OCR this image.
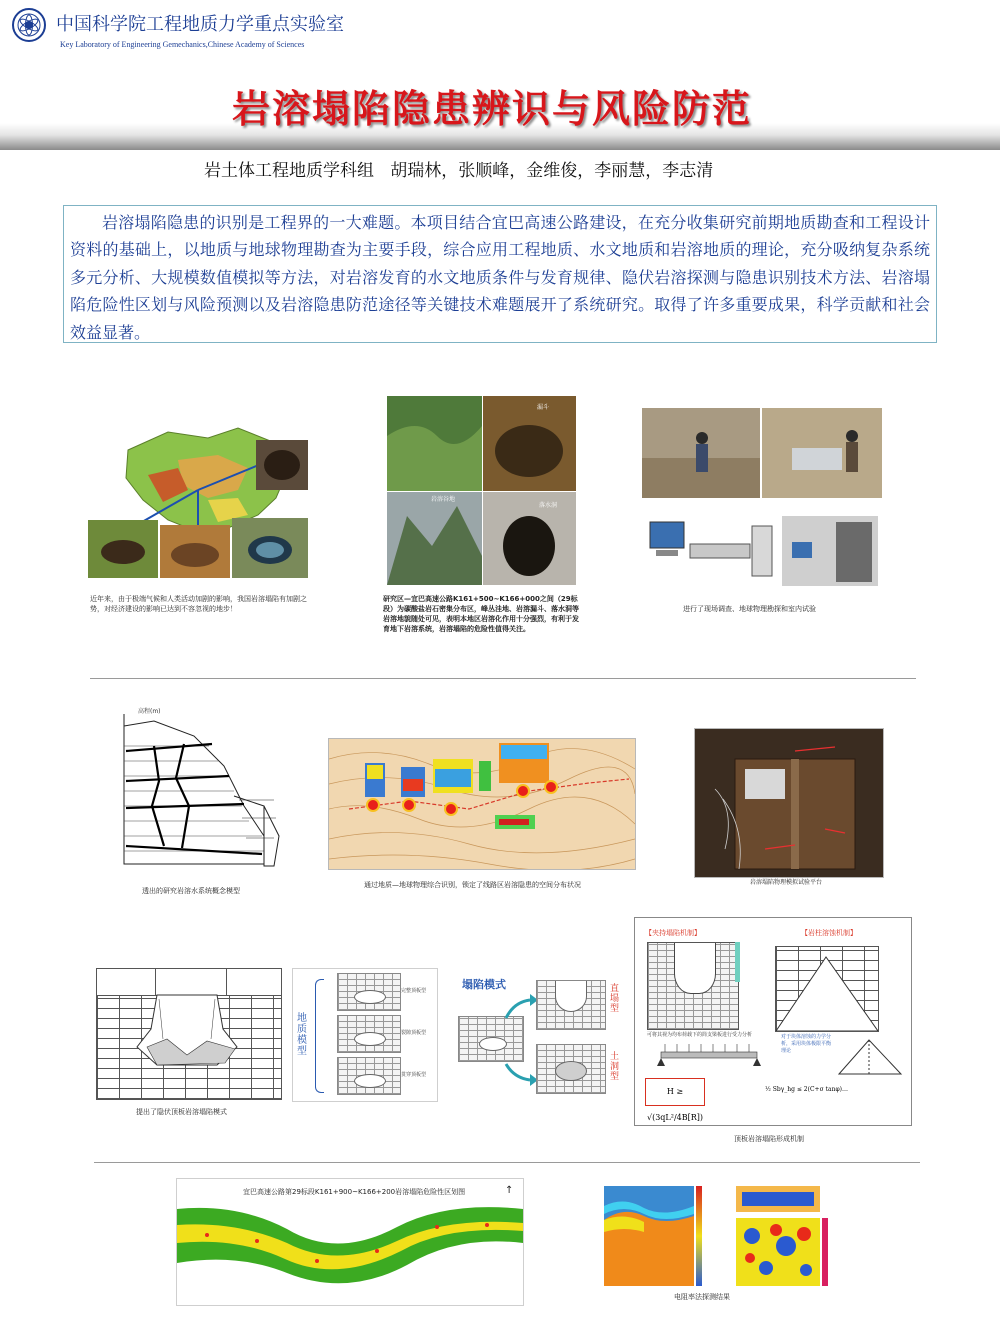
中国科学院工程地质力学重点实验室
Key Laboratory of Engineering Gemechanics,Chinese Academy of Sciences
岩溶塌陷隐患辨识与风险防范
岩土体工程地质学科组   胡瑞林，张顺峰，金维俊，李丽慧，李志清
岩溶塌陷隐患的识别是工程界的一大难题。本项目结合宜巴高速公路建设，在充分收集研究前期地质勘查和工程设计资料的基础上，以地质与地球物理勘查为主要手段，综合应用工程地质、水文地质和岩溶地质的理论，充分吸纳复杂系统多元分析、大规模数值模拟等方法，对岩溶发育的水文地质条件与发育规律、隐伏岩溶探测与隐患识别技术方法、岩溶塌陷危险性区划与风险预测以及岩溶隐患防范途径等关键技术难题展开了系统研究。取得了许多重要成果，科学贡献和社会效益显著。
近年来，由于极端气候和人类活动加剧的影响，我国岩溶塌陷有加剧之势，对经济建设的影响已达到不容忽视的地步！
岩溶谷地
漏斗
落水洞
研究区—宜巴高速公路K161+500~K166+000之间（29标段）为碳酸盐岩石密集分布区，峰丛洼地、岩溶漏斗、落水洞等岩溶地貌随处可见，表明本地区岩溶化作用十分强烈，有利于发育地下岩溶系统，岩溶塌陷的危险性值得关注。
进行了现场调查、地球物理勘探和室内试验
高程(m)
透出的研究岩溶水系统概念模型
通过地质—地球物理综合识别，锁定了线路区岩溶隐患的空间分布状况	岩溶塌陷物理模拟试验平台
提出了隐伏顶板岩溶塌陷模式
地质模型
完整顶板型
裂隙顶板型
贯穿顶板型
塌陷模式	直塌型
土洞型
【夹持塌陷机制】	【岩柱溶蚀机制】
可将其视为均布荷载下的简支梁板进行受力分析
H ≥ √(3qL²/4B[R])
½ Sbγ_hg ≤ 2(C+σ tanφ)…
对于块体溶蚀的力学分析，采用块体极限平衡理论
顶板岩溶塌陷形成机制
宜巴高速公路第29标段K161+900~K166+200岩溶塌陷危险性区划图	↑
电阻率法探测结果
